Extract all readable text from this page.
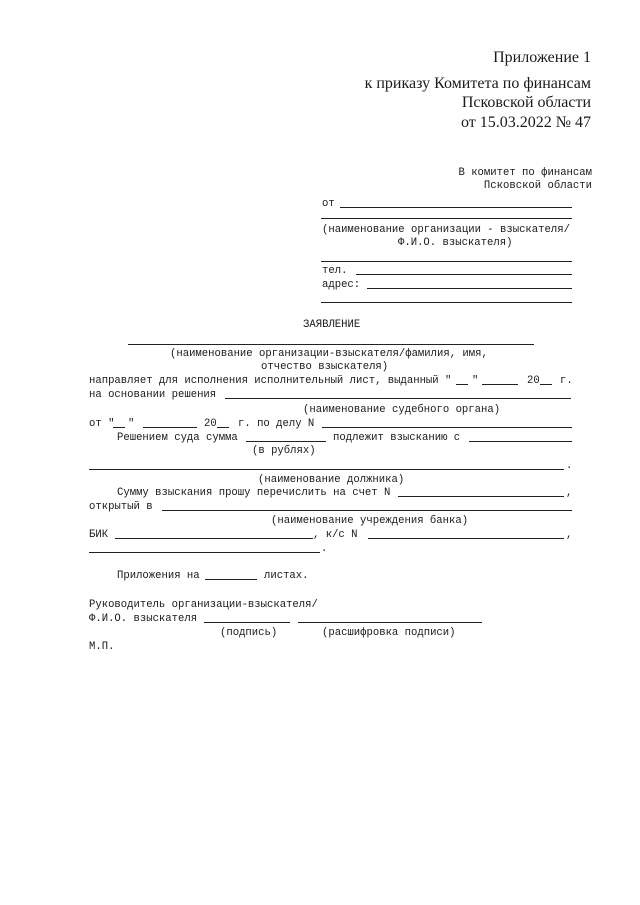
Приложение 1
к приказу Комитета по финансам
Псковской области
от 15.03.2022 № 47
В комитет по финансам
Псковской области
от
(наименование организации - взыскателя/
Ф.И.О. взыскателя)
тел.
адрес:
ЗАЯВЛЕНИЕ
(наименование организации-взыскателя/фамилия, имя,
отчество взыскателя)
направляет для исполнения исполнительный лист, выданный " "	20 г.
на основании решения
(наименование судебного органа)
от " "	20 г. по делу N
Решением суда сумма	подлежит взысканию с
(в рублях)
.
(наименование должника)
Сумму взыскания прошу перечислить на счет N	,
открытый в
(наименование учреждения банка)
БИК	, к/с N	,
.
Приложения на	листах.
Руководитель организации-взыскателя/
Ф.И.О. взыскателя
(подпись)	(расшифровка подписи)
М.П.
